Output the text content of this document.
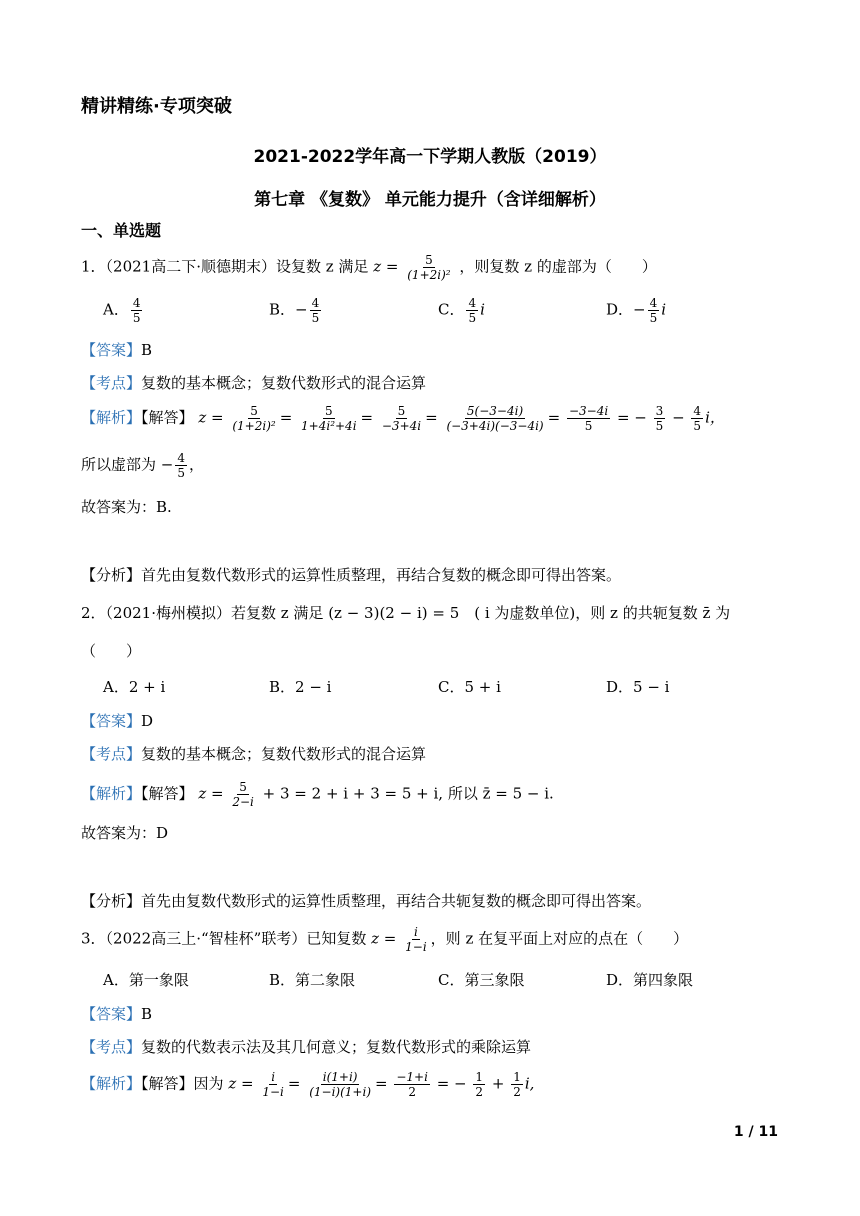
精讲精练·专项突破
2021-2022学年高一下学期人教版（2019）
第七章 《复数》 单元能力提升（含详细解析）
一、单选题
1．（2021高二下·顺德期末）设复数 z 满足 $z = \frac{5}{\text{(1+2i)²}}$ ，则复数 z 的虚部为（　　）
A． $\frac{4}{5}$	B．− $\frac{4}{5}$	C． $\frac{4}{5}$ i	D．− $\frac{4}{5}$ i
【答案】B
【考点】复数的基本概念；复数代数形式的混合运算
【解析】【解答】 $z = \frac{5}{\text{(1+2i)²}} = \frac{5}{\text{1+4i²+4i}} = \frac{5}{-3+4i} = \frac{5(-3-4i)}{(-3+4i)(-3-4i)} = \frac{-3-4i}{5}$ = − $\frac{3}{5} - \frac{4}{5}$ i，
所以虚部为 − $\frac{4}{5}$ ，
故答案为：B.
【分析】首先由复数代数形式的运算性质整理，再结合复数的概念即可得出答案。
2．（2021·梅州模拟）若复数 z 满足 (z − 3)(2 − i) = 5　( i 为虚数单位)，则 z 的共轭复数 z̄ 为
（　　）
A．2 + i	B．2 − i	C．5 + i	D．5 − i
【答案】D
【考点】复数的基本概念；复数代数形式的混合运算
【解析】【解答】 $z = \frac{5}{2-i} + 3 = 2 + i + 3 = 5 + i$, 所以 z̄ = 5 − i.
故答案为：D
【分析】首先由复数代数形式的运算性质整理，再结合共轭复数的概念即可得出答案。
3．（2022高三上·“智桂杯”联考）已知复数 $z = \frac{i}{1-i}$ ，则 z 在复平面上对应的点在（　　）
A．第一象限	B．第二象限	C．第三象限	D．第四象限
【答案】B
【考点】复数的代数表示法及其几何意义；复数代数形式的乘除运算
【解析】【解答】因为 $z = \frac{i}{1-i} = \frac{i(1+i)}{(1-i)(1+i)} = \frac{-1+i}{2}$ = − $\frac{1}{2} + \frac{1}{2} i$,
1 / 11
